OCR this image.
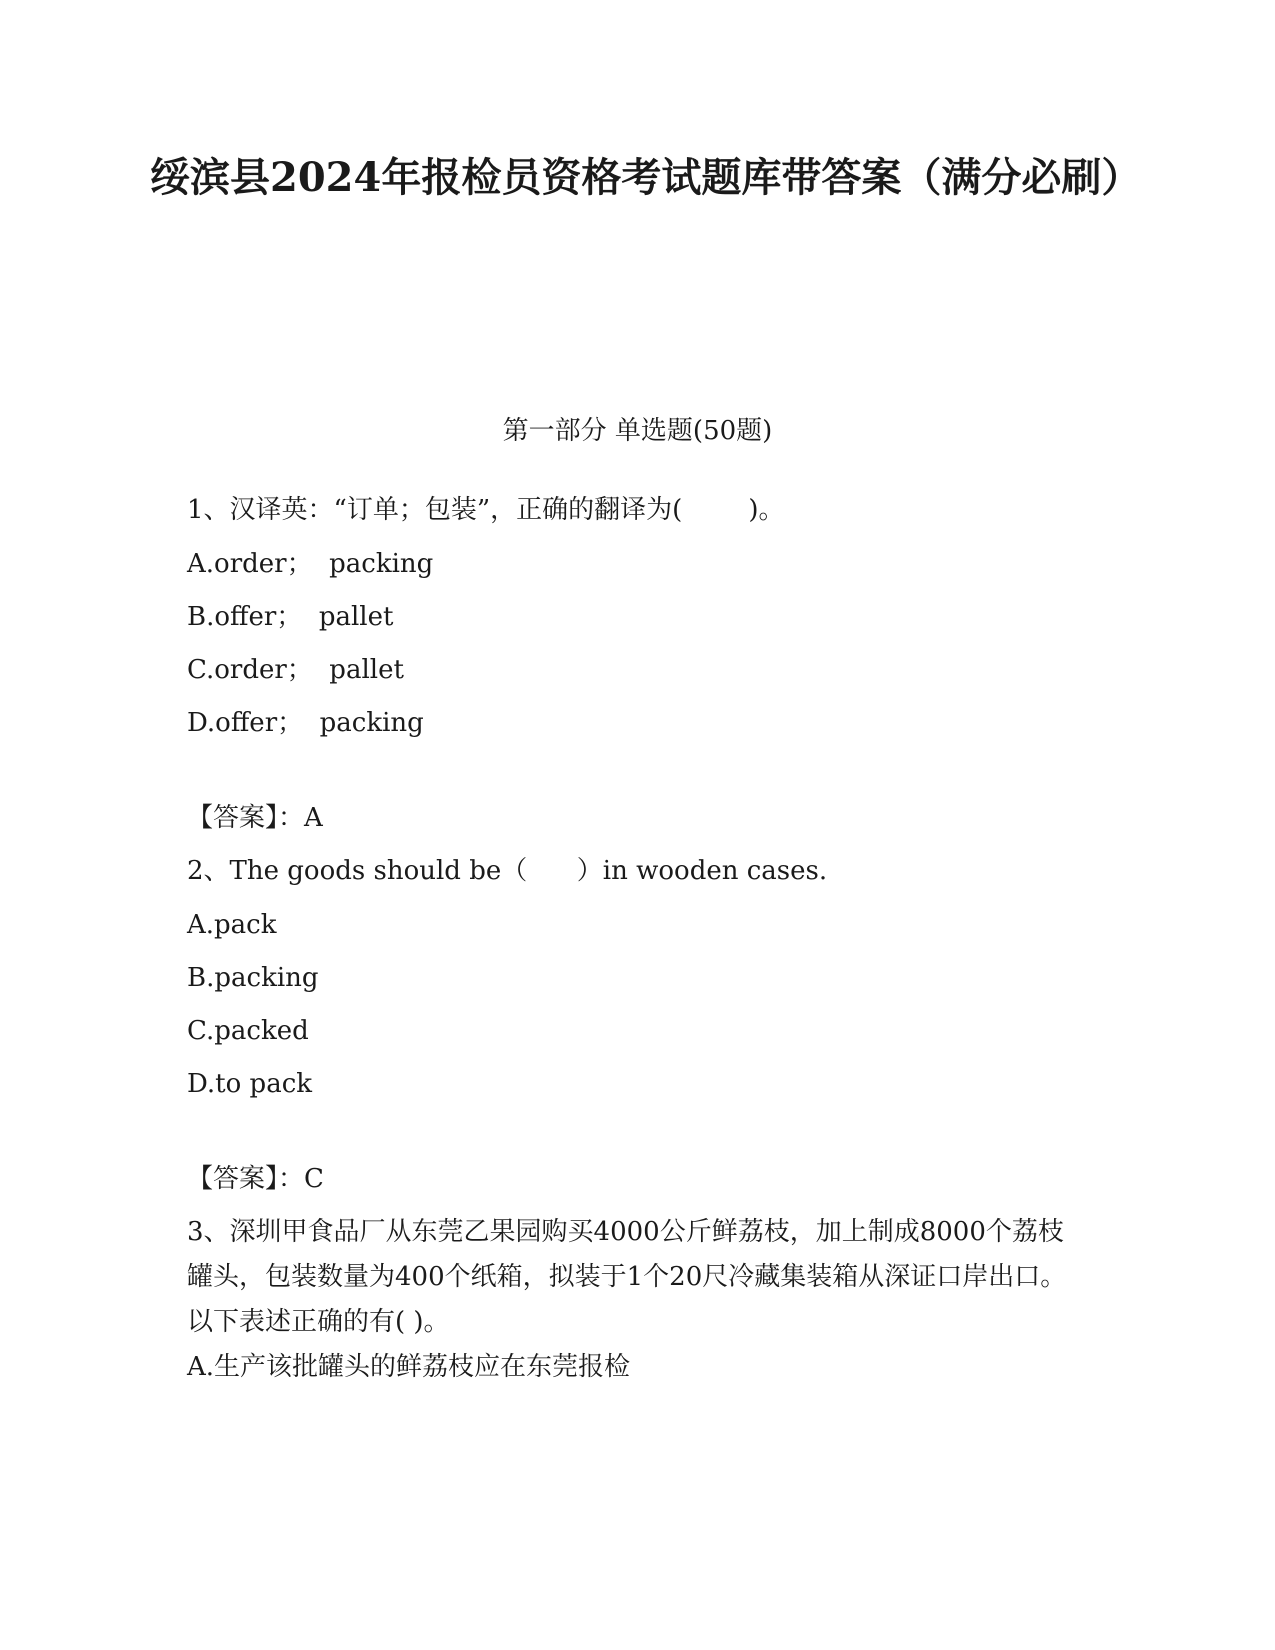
绥滨县2024年报检员资格考试题库带答案（满分必刷）
第一部分 单选题(50题)
1、汉译英：“订单；包装”，正确的翻译为(        )。
A.order；  packing
B.offer；  pallet
C.order；  pallet
D.offer；  packing
【答案】：A
2、The goods should be（      ）in wooden cases.
A.pack
B.packing
C.packed
D.to pack
【答案】：C
3、深圳甲食品厂从东莞乙果园购买4000公斤鲜荔枝，加上制成8000个荔枝罐头，包装数量为400个纸箱，拟装于1个20尺冷藏集装箱从深证口岸出口。以下表述正确的有( )。
A.生产该批罐头的鲜荔枝应在东莞报检
